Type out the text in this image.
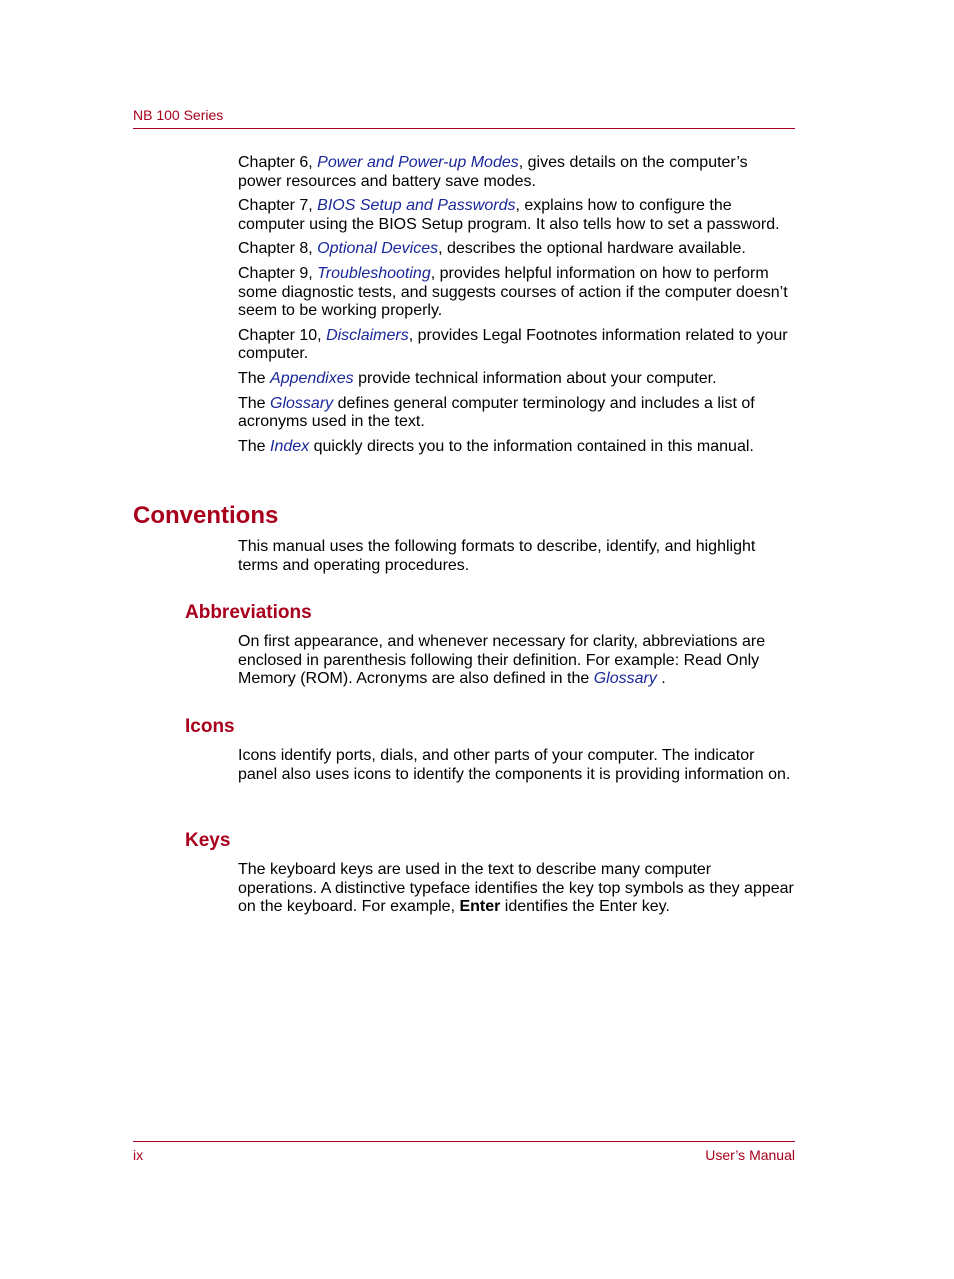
NB 100 Series

Chapter 6, Power and Power-up Modes, gives details on the computer’s power resources and battery save modes.

Chapter 7, BIOS Setup and Passwords, explains how to configure the computer using the BIOS Setup program. It also tells how to set a password.

Chapter 8, Optional Devices, describes the optional hardware available.

Chapter 9, Troubleshooting, provides helpful information on how to perform some diagnostic tests, and suggests courses of action if the computer doesn’t seem to be working properly.

Chapter 10, Disclaimers, provides Legal Footnotes information related to your computer.

The Appendixes provide technical information about your computer.

The Glossary defines general computer terminology and includes a list of acronyms used in the text.

The Index quickly directs you to the information contained in this manual.

Conventions

This manual uses the following formats to describe, identify, and highlight terms and operating procedures.

Abbreviations

On first appearance, and whenever necessary for clarity, abbreviations are enclosed in parenthesis following their definition. For example: Read Only Memory (ROM). Acronyms are also defined in the Glossary .

Icons

Icons identify ports, dials, and other parts of your computer. The indicator panel also uses icons to identify the components it is providing information on.

Keys

The keyboard keys are used in the text to describe many computer operations. A distinctive typeface identifies the key top symbols as they appear on the keyboard. For example, Enter identifies the Enter key.

ix	User’s Manual
